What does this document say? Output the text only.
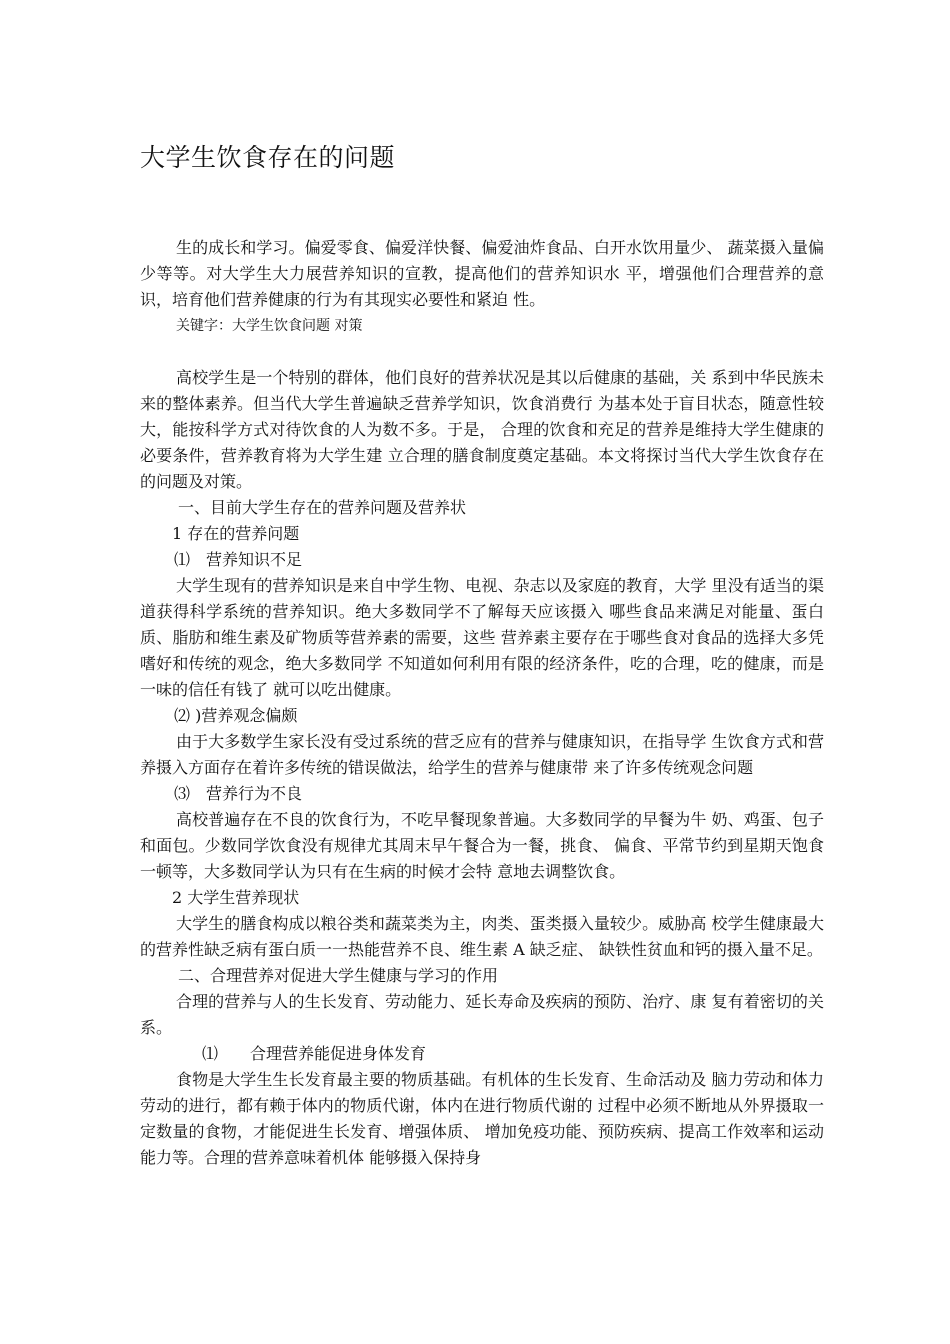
大学生饮食存在的问题

生的成长和学习。偏爱零食、偏爱洋快餐、偏爱油炸食品、白开水饮用量少、 蔬菜摄入量偏少等等。对大学生大力展营养知识的宣教，提高他们的营养知识水 平，增强他们合理营养的意识，培育他们营养健康的行为有其现实必要性和紧迫 性。

关键字：大学生饮食问题 对策

高校学生是一个特别的群体，他们良好的营养状况是其以后健康的基础，关 系到中华民族未来的整体素养。但当代大学生普遍缺乏营养学知识，饮食消费行 为基本处于盲目状态，随意性较大，能按科学方式对待饮食的人为数不多。于是， 合理的饮食和充足的营养是维持大学生健康的必要条件，营养教育将为大学生建 立合理的膳食制度奠定基础。本文将探讨当代大学生饮食存在的问题及对策。

一、目前大学生存在的营养问题及营养状

1 存在的营养问题

⑴　营养知识不足

大学生现有的营养知识是来自中学生物、电视、杂志以及家庭的教育，大学 里没有适当的渠道获得科学系统的营养知识。绝大多数同学不了解每天应该摄入 哪些食品来满足对能量、蛋白质、脂肪和维生素及矿物质等营养素的需要，这些 营养素主要存在于哪些食对食品的选择大多凭嗜好和传统的观念，绝大多数同学 不知道如何利用有限的经济条件，吃的合理，吃的健康，而是一味的信任有钱了 就可以吃出健康。

⑵ )营养观念偏颇

由于大多数学生家长没有受过系统的营乏应有的营养与健康知识，在指导学 生饮食方式和营养摄入方面存在着许多传统的错误做法，给学生的营养与健康带 来了许多传统观念问题

⑶　营养行为不良

高校普遍存在不良的饮食行为，不吃早餐现象普遍。大多数同学的早餐为牛 奶、鸡蛋、包子和面包。少数同学饮食没有规律尤其周末早午餐合为一餐，挑食、 偏食、平常节约到星期天饱食一顿等，大多数同学认为只有在生病的时候才会特 意地去调整饮食。

2 大学生营养现状

大学生的膳食构成以粮谷类和蔬菜类为主，肉类、蛋类摄入量较少。威胁高 校学生健康最大的营养性缺乏病有蛋白质一一热能营养不良、维生素 A 缺乏症、 缺铁性贫血和钙的摄入量不足。

二、合理营养对促进大学生健康与学习的作用

合理的营养与人的生长发育、劳动能力、延长寿命及疾病的预防、治疗、康 复有着密切的关系。

⑴　　合理营养能促进身体发育

食物是大学生生长发育最主要的物质基础。有机体的生长发育、生命活动及 脑力劳动和体力劳动的进行，都有赖于体内的物质代谢，体内在进行物质代谢的 过程中必须不断地从外界摄取一定数量的食物，才能促进生长发育、增强体质、 增加免疫功能、预防疾病、提高工作效率和运动能力等。合理的营养意味着机体 能够摄入保持身
